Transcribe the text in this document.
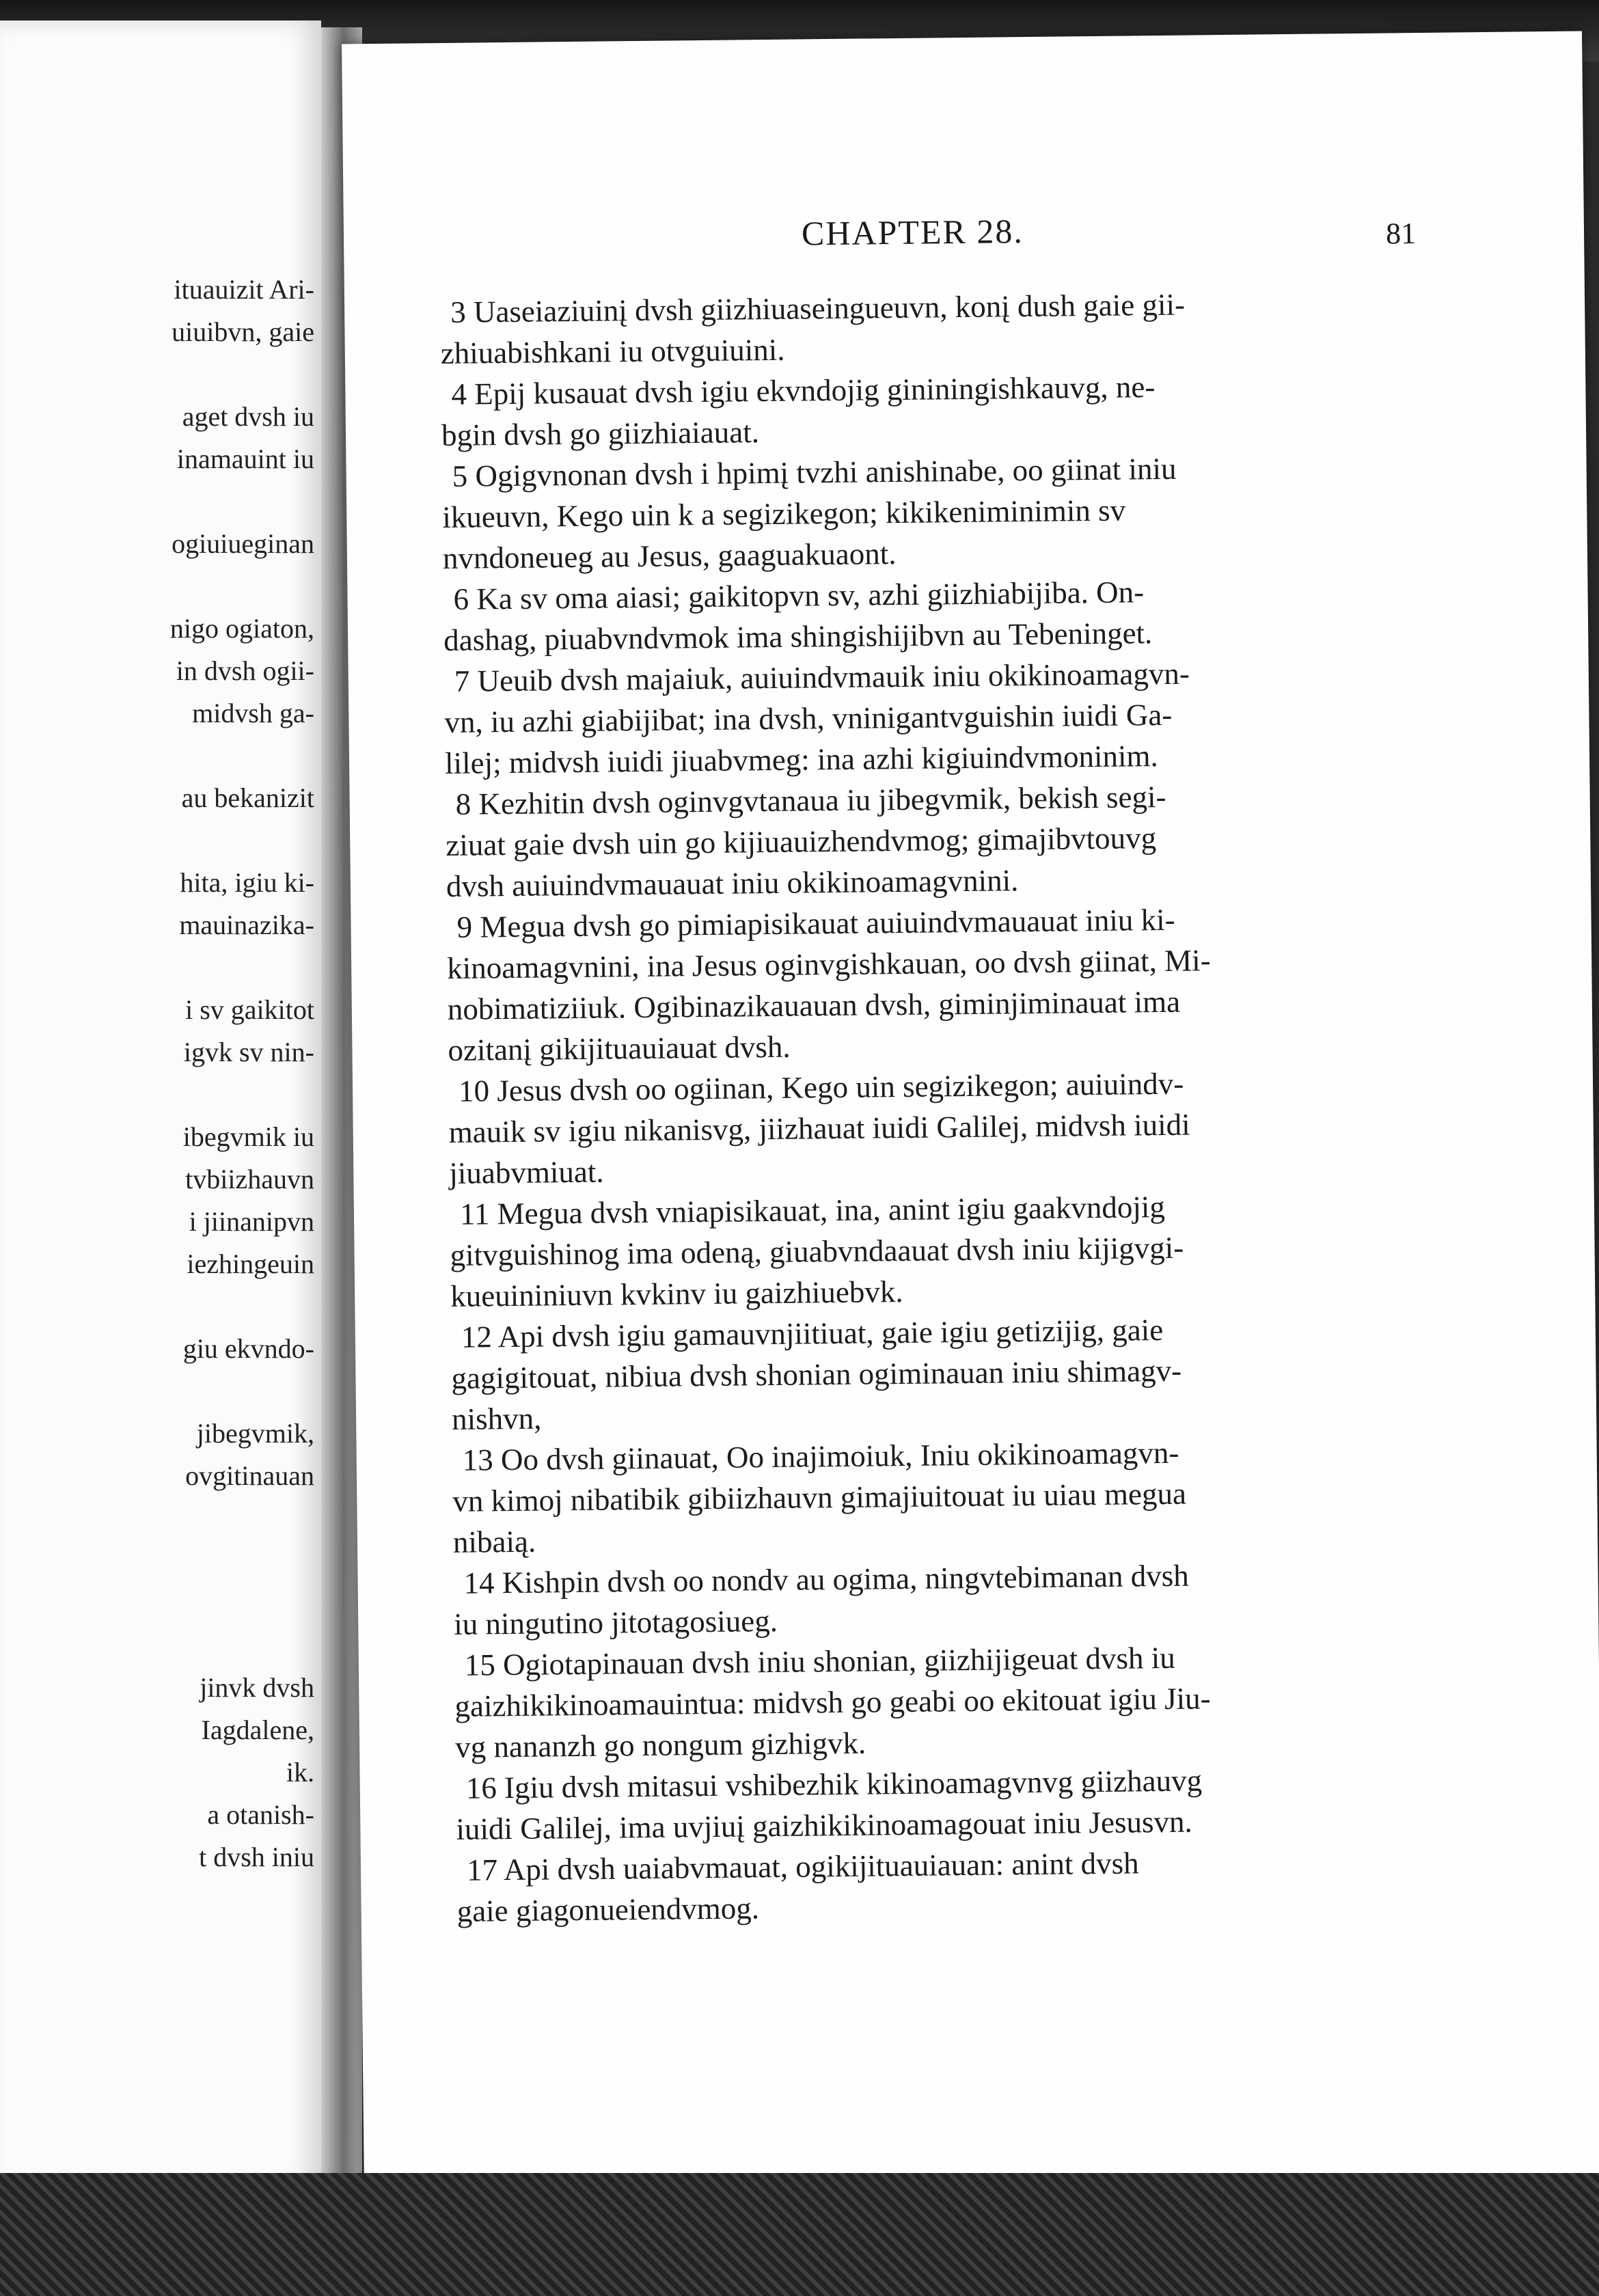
ituauizit Ari-
uiuibvn, gaie
aget dvsh iu
inamauint iu
ogiuiueginan
nigo ogiaton,
in dvsh ogii-
midvsh ga-
au bekanizit
hita, igiu ki-
mauinazika-
i sv gaikitot
igvk sv nin-
ibegvmik iu
tvbiizhauvn
i jiinanipvn
iezhingeuin
giu ekvndo-
jibegvmik,
ovgitinauan
jinvk dvsh
Iagdalene,
ik.
a otanish-
t dvsh iniu
CHAPTER 28.	81
3 Uaseiaziuinį dvsh giizhiuaseingueuvn, konį dush gaie gii-
zhiuabishkani iu otvguiuini.
4 Epij kusauat dvsh igiu ekvndojig gininingishkauvg, ne-
bgin dvsh go giizhiaiauat.
5 Ogigvnonan dvsh i hpimį tvzhi anishinabe, oo giinat iniu
ikueuvn, Kego uin k a segizikegon; kikikeniminimin sv
nvndoneueg au Jesus, gaaguakuaont.
6 Ka sv oma aiasi; gaikitopvn sv, azhi giizhiabijiba. On-
dashag, piuabvndvmok ima shingishijibvn au Tebeninget.
7 Ueuib dvsh majaiuk, auiuindvmauik iniu okikinoamagvn-
vn, iu azhi giabijibat; ina dvsh, vninigantvguishin iuidi Ga-
lilej; midvsh iuidi jiuabvmeg: ina azhi kigiuindvmoninim.
8 Kezhitin dvsh oginvgvtanaua iu jibegvmik, bekish segi-
ziuat gaie dvsh uin go kijiuauizhendvmog; gimajibvtouvg
dvsh auiuindvmauauat iniu okikinoamagvnini.
9 Megua dvsh go pimiapisikauat auiuindvmauauat iniu ki-
kinoamagvnini, ina Jesus oginvgishkauan, oo dvsh giinat, Mi-
nobimatiziiuk. Ogibinazikauauan dvsh, giminjiminauat ima
ozitanį gikijituauiauat dvsh.
10 Jesus dvsh oo ogiinan, Kego uin segizikegon; auiuindv-
mauik sv igiu nikanisvg, jiizhauat iuidi Galilej, midvsh iuidi
jiuabvmiuat.
11 Megua dvsh vniapisikauat, ina, anint igiu gaakvndojig
gitvguishinog ima odeną, giuabvndaauat dvsh iniu kijigvgi-
kueuininiuvn kvkinv iu gaizhiuebvk.
12 Api dvsh igiu gamauvnjiitiuat, gaie igiu getizijig, gaie
gagigitouat, nibiua dvsh shonian ogiminauan iniu shimagv-
nishvn,
13 Oo dvsh giinauat, Oo inajimoiuk, Iniu okikinoamagvn-
vn kimoj nibatibik gibiizhauvn gimajiuitouat iu uiau megua
nibaią.
14 Kishpin dvsh oo nondv au ogima, ningvtebimanan dvsh
iu ningutino jitotagosiueg.
15 Ogiotapinauan dvsh iniu shonian, giizhijigeuat dvsh iu
gaizhikikinoamauintua: midvsh go geabi oo ekitouat igiu Jiu-
vg nananzh go nongum gizhigvk.
16 Igiu dvsh mitasui vshibezhik kikinoamagvnvg giizhauvg
iuidi Galilej, ima uvjiuį gaizhikikinoamagouat iniu Jesusvn.
17 Api dvsh uaiabvmauat, ogikijituauiauan: anint dvsh
gaie giagonueiendvmog.
